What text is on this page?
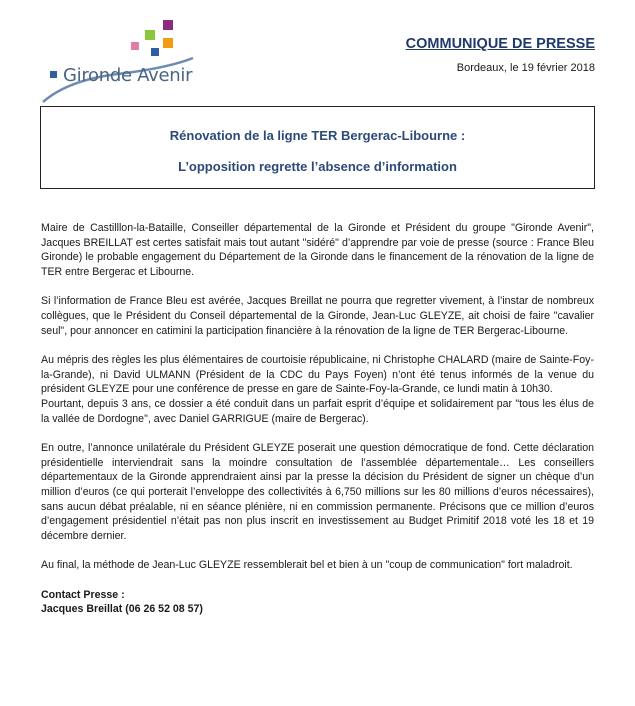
Gironde Avenir
COMMUNIQUE DE PRESSE
Bordeaux, le 19 février 2018
Rénovation de la ligne TER Bergerac-Libourne :
L’opposition regrette l’absence d’information

Maire de Castilllon-la-Bataille, Conseiller départemental de la Gironde et Président du groupe "Gironde Avenir", Jacques BREILLAT est certes satisfait mais tout autant "sidéré" d’apprendre par voie de presse (source : France Bleu Gironde) le probable engagement du Département de la Gironde dans le financement de la rénovation de la ligne de TER entre Bergerac et Libourne.

Si l’information de France Bleu est avérée, Jacques Breillat ne pourra que regretter vivement, à l’instar de nombreux collègues, que le Président du Conseil départemental de la Gironde, Jean-Luc GLEYZE, ait choisi de faire "cavalier seul", pour annoncer en catimini la participation financière à la rénovation de la ligne de TER Bergerac-Libourne.

Au mépris des règles les plus élémentaires de courtoisie républicaine, ni Christophe CHALARD (maire de Sainte-Foy-la-Grande), ni David ULMANN (Président de la CDC du Pays Foyen) n’ont été tenus informés de la venue du président GLEYZE pour une conférence de presse en gare de Sainte-Foy-la-Grande, ce lundi matin à 10h30.

Pourtant, depuis 3 ans, ce dossier a été conduit dans un parfait esprit d’équipe et solidairement par "tous les élus de la vallée de Dordogne", avec Daniel GARRIGUE (maire de Bergerac).

En outre, l’annonce unilatérale du Président GLEYZE poserait une question démocratique de fond. Cette déclaration présidentielle interviendrait sans la moindre consultation de l’assemblée départementale… Les conseillers départementaux de la Gironde apprendraient ainsi par la presse la décision du Président de signer un chèque d’un million d’euros (ce qui porterait l’enveloppe des collectivités à 6,750 millions sur les 80 millions d’euros nécessaires), sans aucun débat préalable, ni en séance plénière, ni en commission permanente. Précisons que ce million d’euros d’engagement présidentiel n’était pas non plus inscrit en investissement au Budget Primitif 2018 voté les 18 et 19 décembre dernier.

Au final, la méthode de Jean-Luc GLEYZE ressemblerait bel et bien à un "coup de communication" fort maladroit.

Contact Presse :
Jacques Breillat (06 26 52 08 57)
